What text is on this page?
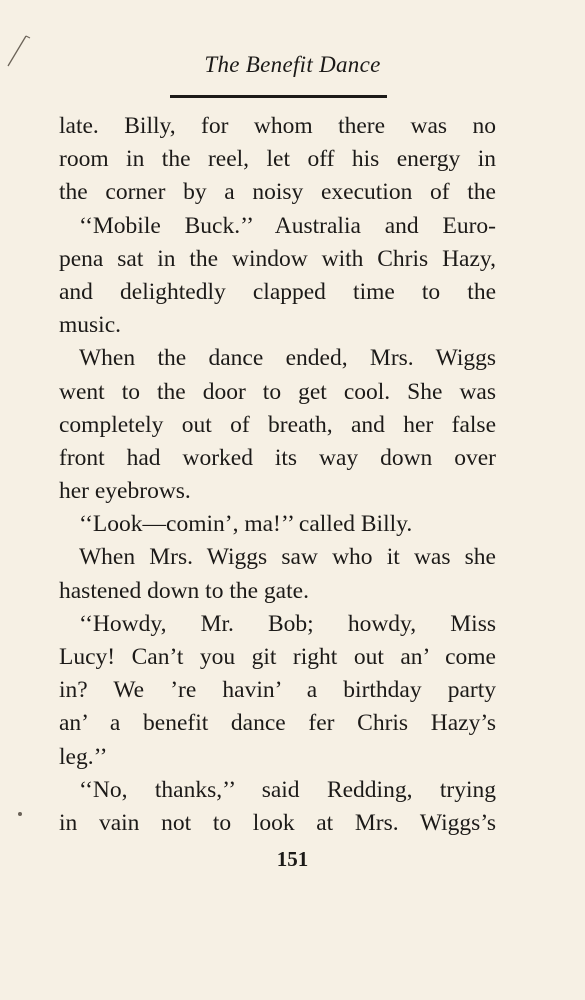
The Benefit Dance
late. Billy, for whom there was no
room in the reel, let off his energy in
the corner by a noisy execution of the
‘‘Mobile Buck.’’ Australia and Euro-
pena sat in the window with Chris Hazy,
and delightedly clapped time to the
music.
When the dance ended, Mrs. Wiggs
went to the door to get cool. She was
completely out of breath, and her false
front had worked its way down over
her eyebrows.
‘‘Look—comin’, ma!’’ called Billy.
When Mrs. Wiggs saw who it was she
hastened down to the gate.
‘‘Howdy, Mr. Bob; howdy, Miss
Lucy! Can’t you git right out an’ come
in? We ’re havin’ a birthday party
an’ a benefit dance fer Chris Hazy’s
leg.’’
‘‘No, thanks,’’ said Redding, trying
in vain not to look at Mrs. Wiggs’s
151
